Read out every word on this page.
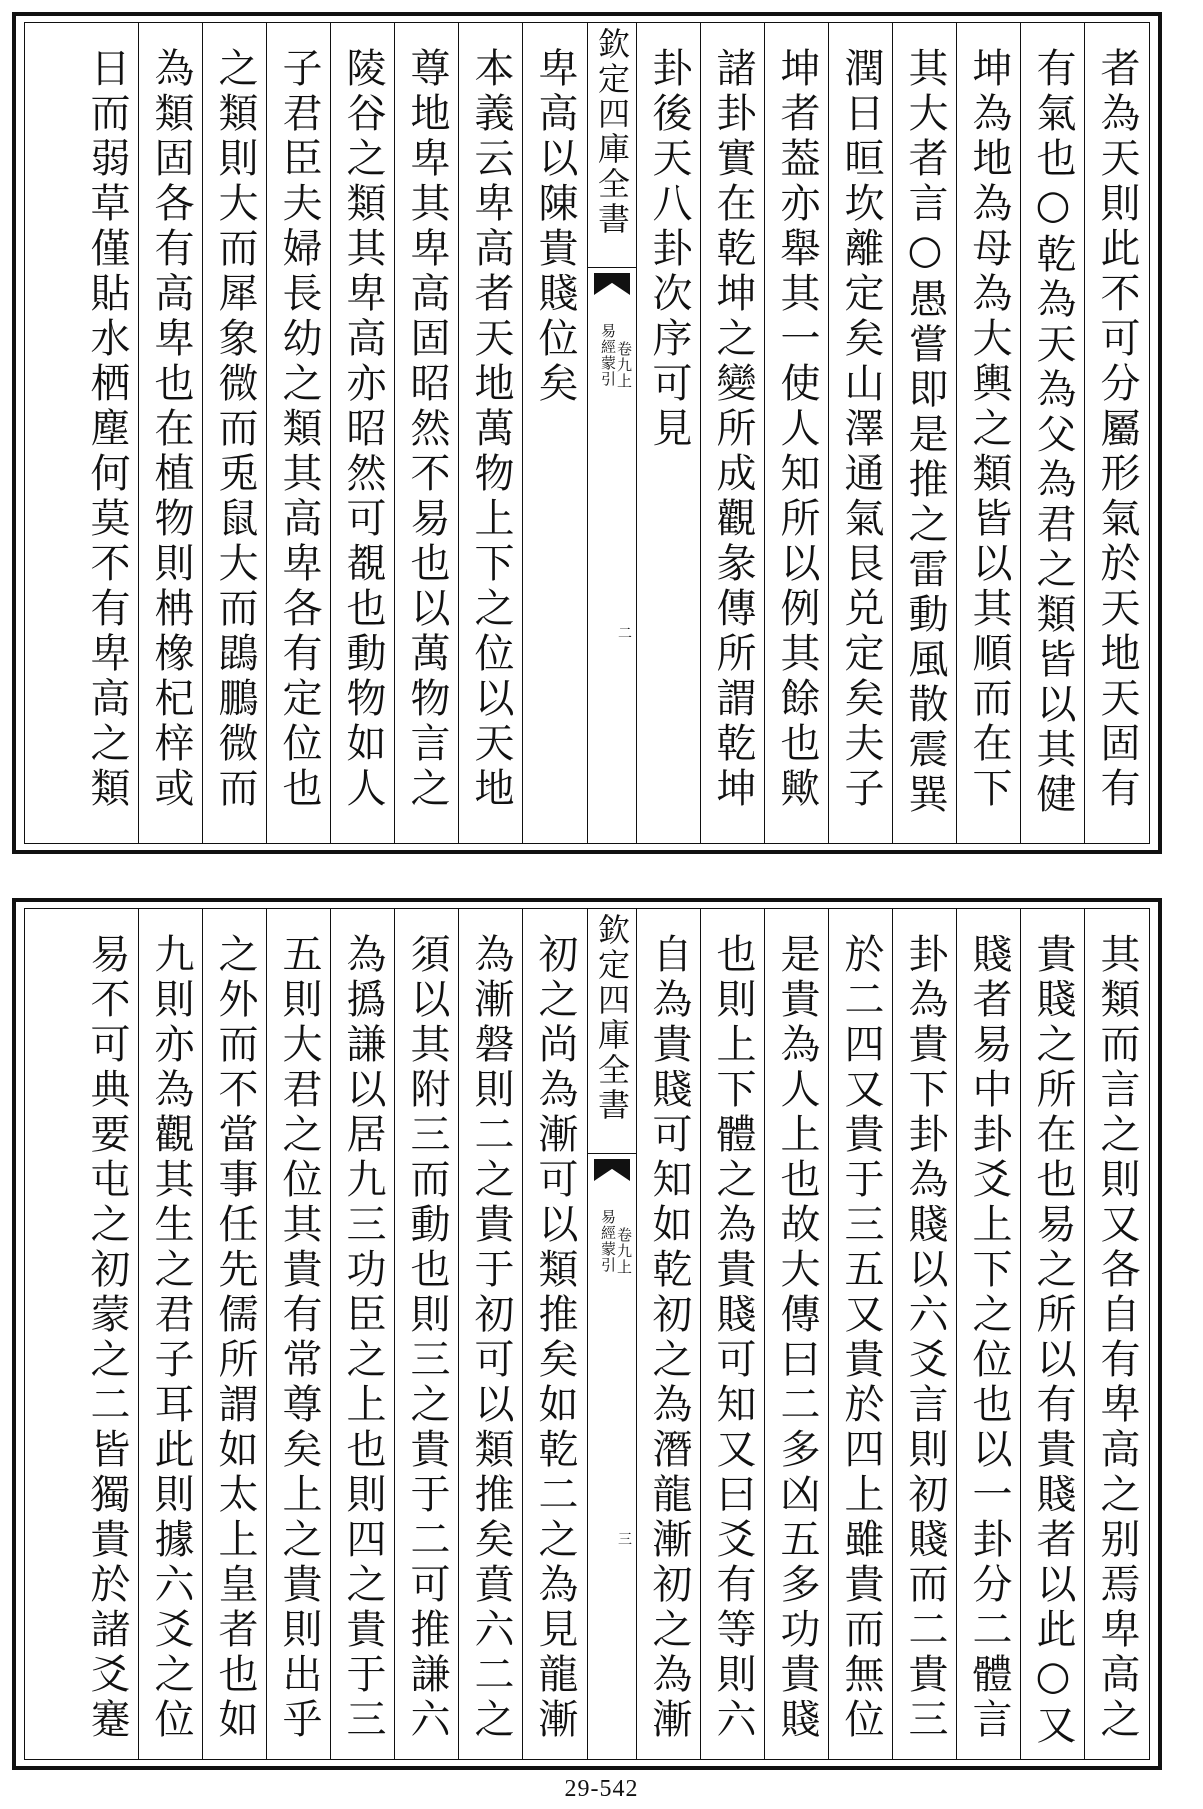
者為天則此不可分屬形氣於天地天固有
有氣也○乾為天為父為君之類皆以其健
坤為地為母為大輿之類皆以其順而在下
其大者言○愚嘗即是推之雷動風散震巽
潤日晅坎離定矣山澤通氣艮兑定矣夫子
坤者葢亦舉其一使人知所以例其餘也歟
諸卦實在乾坤之變所成觀彖傳所謂乾坤
卦後天八卦次序可見
欽定四庫全書
易經蒙引
卷九上
二
卑高以陳貴賤位矣
本義云卑高者天地萬物上下之位以天地
尊地卑其卑高固昭然不易也以萬物言之
陵谷之類其卑高亦昭然可覩也動物如人
子君臣夫婦長幼之類其高卑各有定位也
之類則大而犀象微而兎鼠大而鵾鵬微而
為類固各有高卑也在植物則柟橡杞梓或
日而弱草僅貼水栖塵何莫不有卑高之類
其類而言之則又各自有卑高之别焉卑高之
貴賤之所在也易之所以有貴賤者以此○又
賤者易中卦爻上下之位也以一卦分二體言
卦為貴下卦為賤以六爻言則初賤而二貴三
於二四又貴于三五又貴於四上雖貴而無位
是貴為人上也故大傳曰二多凶五多功貴賤
也則上下體之為貴賤可知又曰爻有等則六
自為貴賤可知如乾初之為潛龍漸初之為漸
欽定四庫全書
易經蒙引
卷九上
三
初之尚為漸可以類推矣如乾二之為見龍漸
為漸磐則二之貴于初可以類推矣賁六二之
須以其附三而動也則三之貴于二可推謙六
為撝謙以居九三功臣之上也則四之貴于三
五則大君之位其貴有常尊矣上之貴則出乎
之外而不當事任先儒所謂如太上皇者也如
九則亦為觀其生之君子耳此則據六爻之位
易不可典要屯之初蒙之二皆獨貴於諸爻蹇
29-542
